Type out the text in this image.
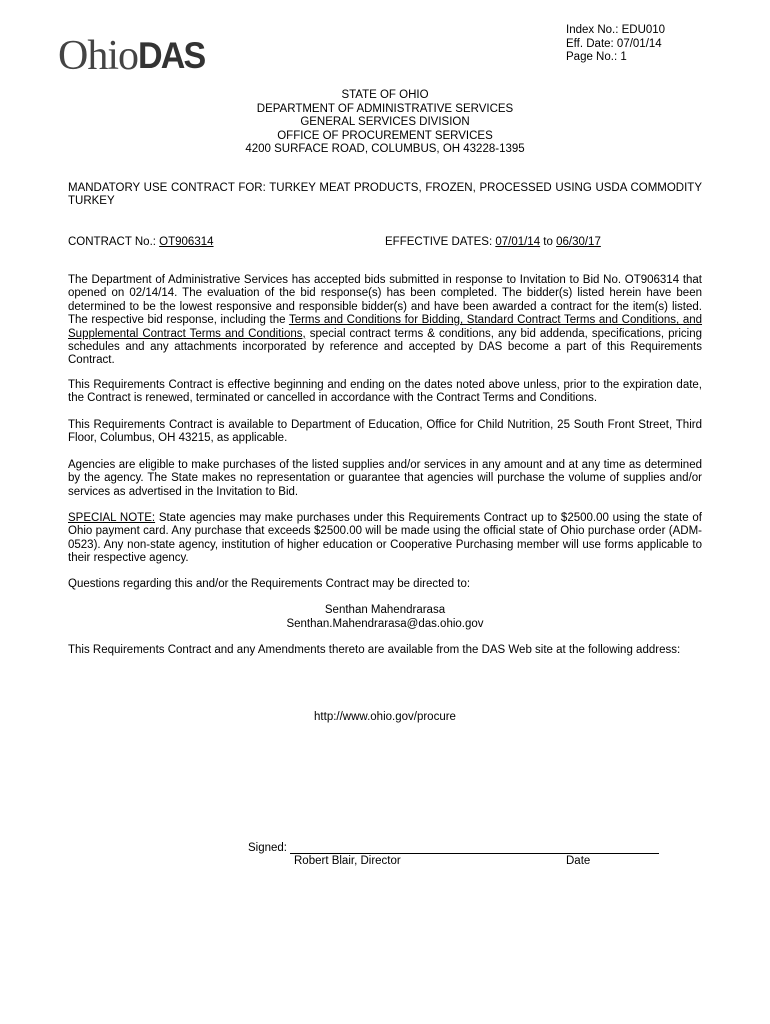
OhioDAS
Index No.: EDU010
Eff. Date: 07/01/14
Page No.: 1
STATE OF OHIO
DEPARTMENT OF ADMINISTRATIVE SERVICES
GENERAL SERVICES DIVISION
OFFICE OF PROCUREMENT SERVICES
4200 SURFACE ROAD, COLUMBUS, OH 43228-1395
MANDATORY USE CONTRACT FOR: TURKEY MEAT PRODUCTS, FROZEN, PROCESSED USING USDA COMMODITY TURKEY
CONTRACT No.: OT906314	EFFECTIVE DATES: 07/01/14 to 06/30/17
The Department of Administrative Services has accepted bids submitted in response to Invitation to Bid No. OT906314 that opened on 02/14/14. The evaluation of the bid response(s) has been completed. The bidder(s) listed herein have been determined to be the lowest responsive and responsible bidder(s) and have been awarded a contract for the item(s) listed. The respective bid response, including the Terms and Conditions for Bidding, Standard Contract Terms and Conditions, and Supplemental Contract Terms and Conditions, special contract terms & conditions, any bid addenda, specifications, pricing schedules and any attachments incorporated by reference and accepted by DAS become a part of this Requirements Contract.
This Requirements Contract is effective beginning and ending on the dates noted above unless, prior to the expiration date, the Contract is renewed, terminated or cancelled in accordance with the Contract Terms and Conditions.
This Requirements Contract is available to Department of Education, Office for Child Nutrition, 25 South Front Street, Third Floor, Columbus, OH 43215, as applicable.
Agencies are eligible to make purchases of the listed supplies and/or services in any amount and at any time as determined by the agency. The State makes no representation or guarantee that agencies will purchase the volume of supplies and/or services as advertised in the Invitation to Bid.
SPECIAL NOTE: State agencies may make purchases under this Requirements Contract up to $2500.00 using the state of Ohio payment card. Any purchase that exceeds $2500.00 will be made using the official state of Ohio purchase order (ADM-0523). Any non-state agency, institution of higher education or Cooperative Purchasing member will use forms applicable to their respective agency.
Questions regarding this and/or the Requirements Contract may be directed to:
Senthan Mahendrarasa
Senthan.Mahendrarasa@das.ohio.gov
This Requirements Contract and any Amendments thereto are available from the DAS Web site at the following address:
http://www.ohio.gov/procure
Signed:
Robert Blair, Director	Date
